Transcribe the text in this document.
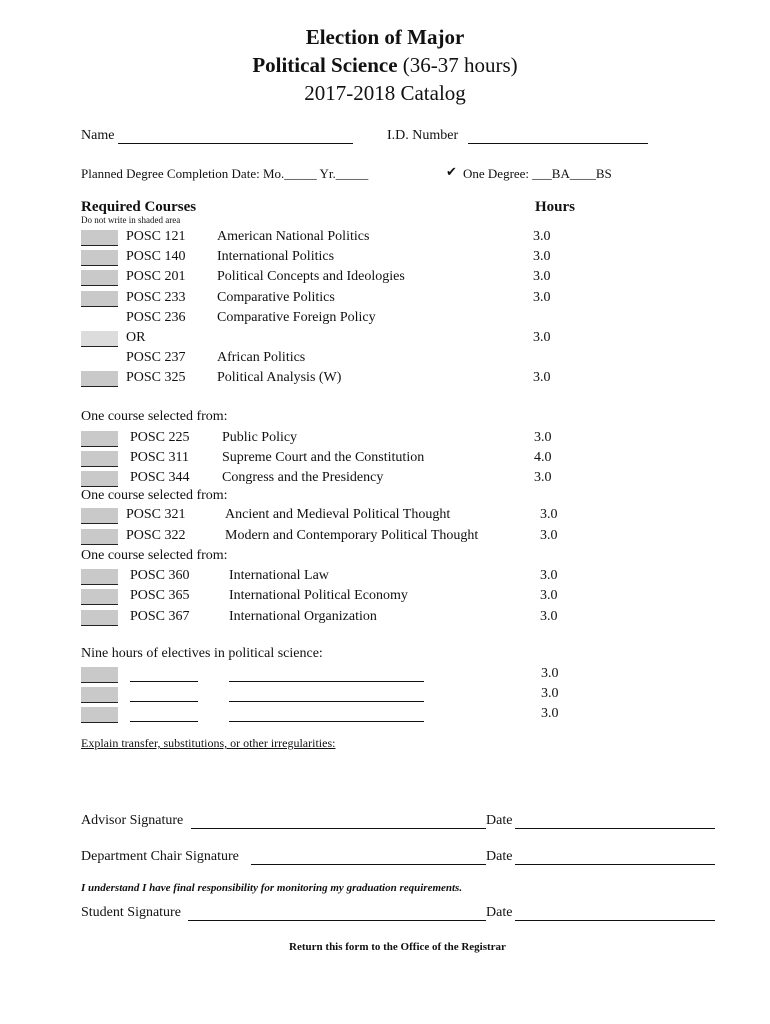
Election of Major
Political Science (36-37 hours)
2017-2018 Catalog
Name	I.D. Number
Planned Degree Completion Date: Mo._____ Yr._____	✔ One Degree: ___BA____BS
Required Courses	Hours
Do not write in shaded area
POSC 121 American National Politics	3.0
POSC 140 International Politics	3.0
POSC 201 Political Concepts and Ideologies	3.0
POSC 233 Comparative Politics	3.0
POSC 236 Comparative Foreign Policy
OR	3.0
POSC 237 African Politics
POSC 325 Political Analysis (W)	3.0
One course selected from:
POSC 225 Public Policy	3.0
POSC 311 Supreme Court and the Constitution	4.0
POSC 344 Congress and the Presidency	3.0
One course selected from:
POSC 321	Ancient and Medieval Political Thought	3.0
POSC 322	Modern and Contemporary Political Thought	3.0
One course selected from:
POSC 360	International Law	3.0
POSC 365	International Political Economy	3.0
POSC 367	International Organization	3.0
Nine hours of electives in political science:
3.0
3.0
3.0
Explain transfer, substitutions, or other irregularities:
Advisor Signature	Date
Department Chair Signature	Date
I understand I have final responsibility for monitoring my graduation requirements.
Student Signature	Date
Return this form to the Office of the Registrar
